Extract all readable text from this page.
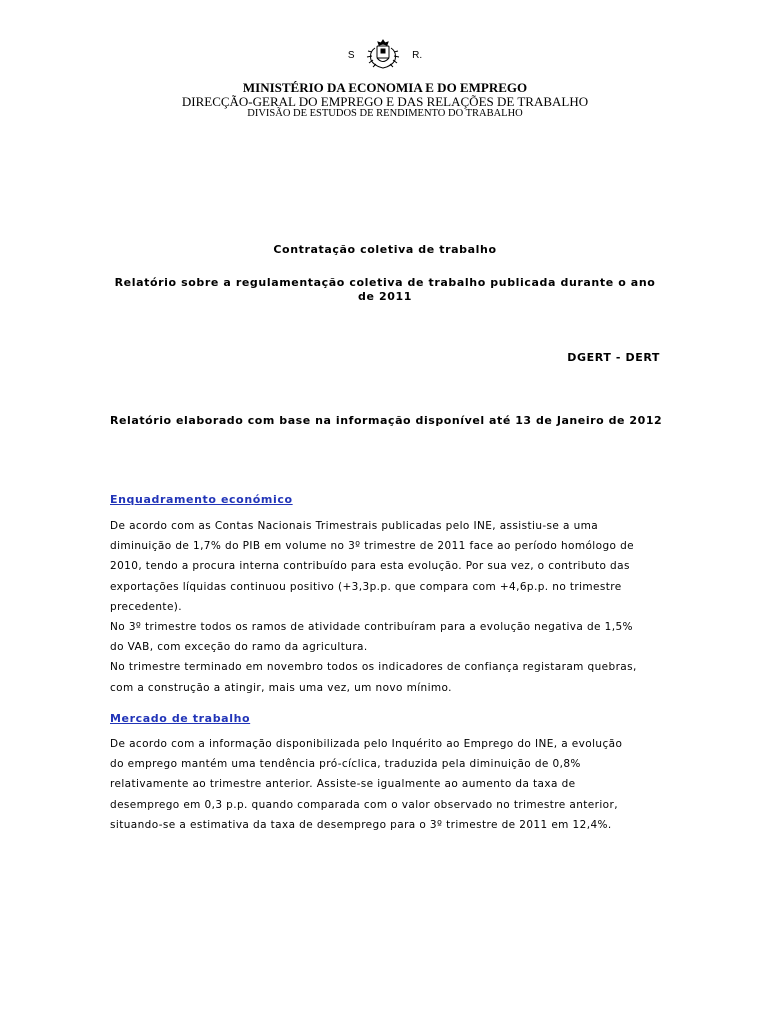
S	R.
MINISTÉRIO DA ECONOMIA E DO EMPREGO
DIRECÇÃO-GERAL DO EMPREGO E DAS RELAÇÕES DE TRABALHO
DIVISÃO DE ESTUDOS DE RENDIMENTO DO TRABALHO
Contratação coletiva de trabalho
Relatório sobre a regulamentação coletiva de trabalho publicada durante o ano de 2011
DGERT - DERT
Relatório elaborado com base na informação disponível até 13 de Janeiro de 2012
Enquadramento económico
De acordo com as Contas Nacionais Trimestrais publicadas pelo INE, assistiu-se a uma
diminuição de 1,7% do PIB em volume no 3º trimestre de 2011 face ao período homólogo de
2010, tendo a procura interna contribuído para esta evolução. Por sua vez, o contributo das
exportações líquidas continuou positivo (+3,3p.p. que compara com +4,6p.p. no trimestre
precedente).
No 3º trimestre todos os ramos de atividade contribuíram para a evolução negativa de 1,5%
do VAB, com exceção do ramo da agricultura.
No trimestre terminado em novembro todos os indicadores de confiança registaram quebras,
com a construção a atingir, mais uma vez, um novo mínimo.
Mercado de trabalho
De acordo com a informação disponibilizada pelo Inquérito ao Emprego do INE, a evolução
do emprego mantém uma tendência pró-cíclica, traduzida pela diminuição de 0,8%
relativamente ao trimestre anterior. Assiste-se igualmente ao aumento da taxa de
desemprego em 0,3 p.p. quando comparada com o valor observado no trimestre anterior,
situando-se a estimativa da taxa de desemprego para o 3º trimestre de 2011 em 12,4%.
